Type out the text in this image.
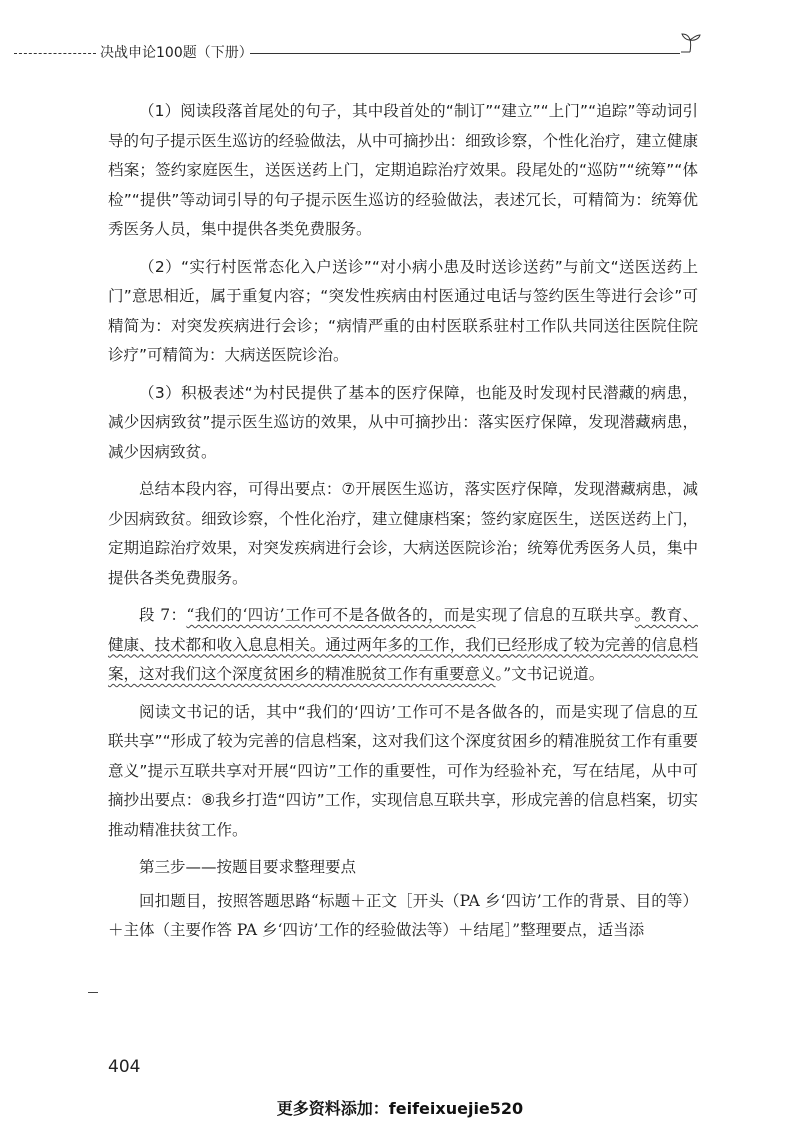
决战申论100题（下册）

（1）阅读段落首尾处的句子，其中段首处的“制订”“建立”“上门”“追踪”等动词引导的句子提示医生巡访的经验做法，从中可摘抄出：细致诊察，个性化治疗，建立健康档案；签约家庭医生，送医送药上门，定期追踪治疗效果。段尾处的“巡防”“统筹”“体检”“提供”等动词引导的句子提示医生巡访的经验做法，表述冗长，可精简为：统筹优秀医务人员，集中提供各类免费服务。

（2）“实行村医常态化入户送诊”“对小病小患及时送诊送药”与前文“送医送药上门”意思相近，属于重复内容；“突发性疾病由村医通过电话与签约医生等进行会诊”可精简为：对突发疾病进行会诊；“病情严重的由村医联系驻村工作队共同送往医院住院诊疗”可精简为：大病送医院诊治。

（3）积极表述“为村民提供了基本的医疗保障，也能及时发现村民潜藏的病患，减少因病致贫”提示医生巡访的效果，从中可摘抄出：落实医疗保障，发现潜藏病患，减少因病致贫。

总结本段内容，可得出要点：⑦开展医生巡访，落实医疗保障，发现潜藏病患，减少因病致贫。细致诊察，个性化治疗，建立健康档案；签约家庭医生，送医送药上门，定期追踪治疗效果，对突发疾病进行会诊，大病送医院诊治；统筹优秀医务人员，集中提供各类免费服务。

段 7：“我们的‘四访’工作可不是各做各的，而是实现了信息的互联共享。教育、健康、技术都和收入息息相关。通过两年多的工作，我们已经形成了较为完善的信息档案，这对我们这个深度贫困乡的精准脱贫工作有重要意义。”文书记说道。

阅读文书记的话，其中“我们的‘四访’工作可不是各做各的，而是实现了信息的互联共享”“形成了较为完善的信息档案，这对我们这个深度贫困乡的精准脱贫工作有重要意义”提示互联共享对开展“四访”工作的重要性，可作为经验补充，写在结尾，从中可摘抄出要点：⑧我乡打造“四访”工作，实现信息互联共享，形成完善的信息档案，切实推动精准扶贫工作。

第三步——按题目要求整理要点

回扣题目，按照答题思路“标题＋正文［开头（PA 乡‘四访’工作的背景、目的等）＋主体（主要作答 PA 乡‘四访’工作的经验做法等）＋结尾］”整理要点，适当添

404
更多资料添加：feifeixuejie520
